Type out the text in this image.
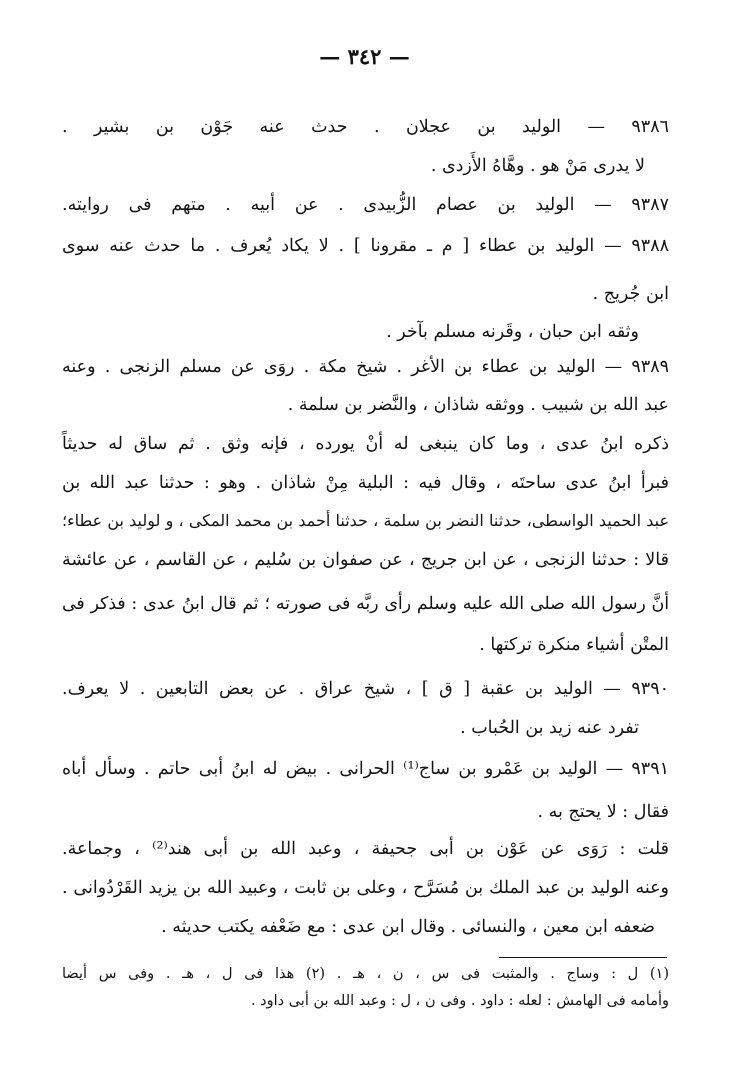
— ٣٤٢ —
٩٣٨٦ — الوليد بن عجلان . حدث عنه جَوْن بن بشير .
لا يدرى مَنْ هو . وهَّاهُ الأَزدى .
٩٣٨٧ — الوليد بن عصام الزُّبيدى . عن أبيه . متهم فى روايته.
٩٣٨٨ — الوليد بن عطاء [ م ـ مقرونا ] . لا يكاد يُعرف . ما حدث عنه سوى
ابن جُريج .
وثقه ابن حبان ، وقَرنه مسلم بآخر .
٩٣٨٩ — الوليد بن عطاء بن الأغر . شيخ مكة . روَى عن مسلم الزنجى . وعنه
عبد الله بن شبيب . ووثقه شاذان ، والنَّضر بن سلمة .
ذكره ابنُ عدى ، وما كان ينبغى له أنْ يورده ، فإنه وثق . ثم ساق له حديثاً
فبرأ ابنُ عدى ساحتَه ، وقال فيه : البلية مِنْ شاذان . وهو : حدثنا عبد الله بن
عبد الحميد الواسطى، حدثنا النضر بن سلمة ، حدثنا أحمد بن محمد المكى ، و لوليد بن عطاء؛
قالا : حدثنا الزنجى ، عن ابن جريج ، عن صفوان بن سُليم ، عن القاسم ، عن عائشة
أنَّ رسول الله صلى الله عليه وسلم رأى ربَّه فى صورته ؛ ثم قال ابنُ عدى : فذكر فى
المتْن أشياء منكرة تركتها .
٩٣٩٠ — الوليد بن عقبة [ ق ] ، شيخ عراق . عن بعض التابعين . لا يعرف.
تفرد عنه زيد بن الحُباب .
٩٣٩١ — الوليد بن عَمْرو بن ساج⁽¹⁾ الحرانى . بيض له ابنُ أبى حاتم . وسأل أباه
فقال : لا يحتج به .
قلت : رَوَى عن عَوْن بن أبى جحيفة ، وعبد الله بن أبى هند⁽²⁾ ، وجماعة.
وعنه الوليد بن عبد الملك بن مُسَرَّح ، وعلى بن ثابت ، وعبيد الله بن يزيد القَرْدُوانى .
ضعفه ابن معين ، والنسائى . وقال ابن عدى : مع ضَعْفه يكتب حديثه .
(١) ل : وساج . والمثبت فى س ، ن ، هـ . (٢) هذا فى ل ، هـ . وفى س أيضا
وأمامه فى الهامش : لعله : داود . وفى ن ، ل : وعبد الله بن أبى داود .
